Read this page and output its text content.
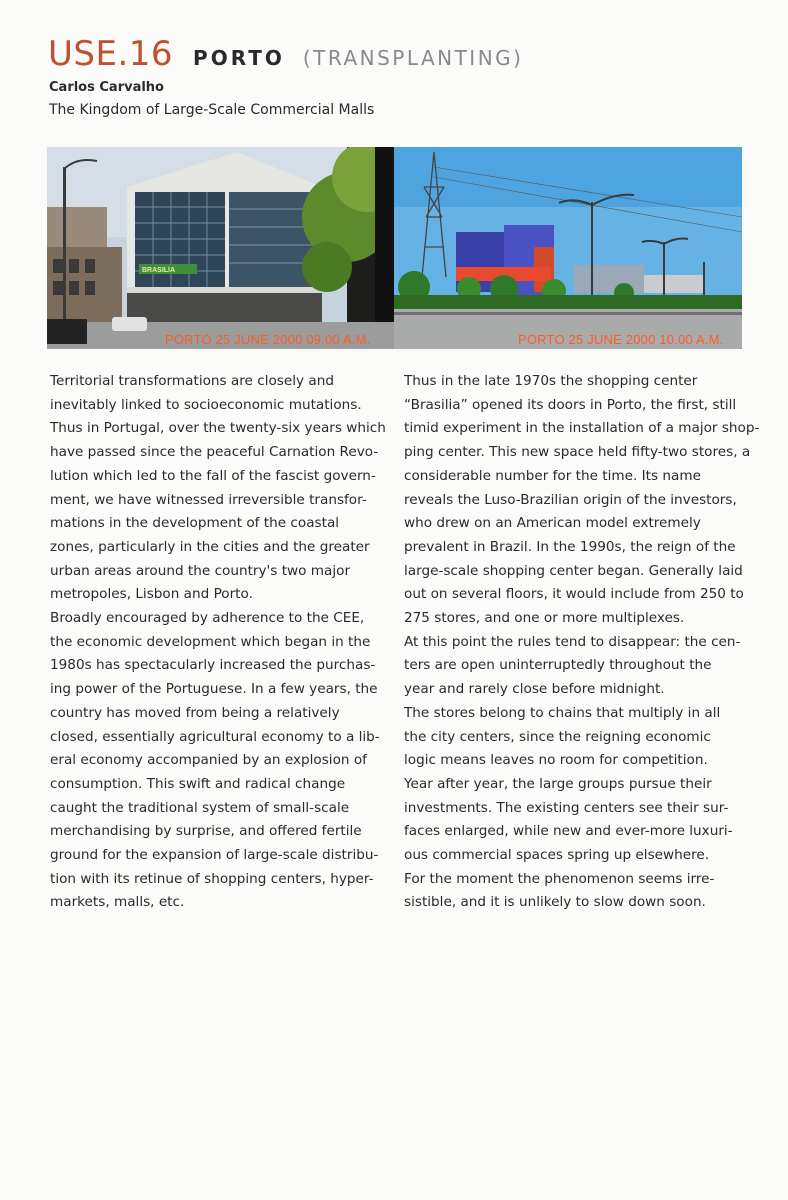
USE.16 PORTO (TRANSPLANTING)
Carlos Carvalho
The Kingdom of Large-Scale Commercial Malls
BRASILIA
PORTO 25 JUNE 2000 09.00 A.M.	PORTO 25 JUNE 2000 10.00 A.M.

Territorial transformations are closely and

inevitably linked to socioeconomic mutations.

Thus in Portugal, over the twenty-six years which

have passed since the peaceful Carnation Revo-

lution which led to the fall of the fascist govern-

ment, we have witnessed irreversible transfor-

mations in the development of the coastal

zones, particularly in the cities and the greater

urban areas around the country's two major

metropoles, Lisbon and Porto.

Broadly encouraged by adherence to the CEE,

the economic development which began in the

1980s has spectacularly increased the purchas-

ing power of the Portuguese. In a few years, the

country has moved from being a relatively

closed, essentially agricultural economy to a lib-

eral economy accompanied by an explosion of

consumption. This swift and radical change

caught the traditional system of small-scale

merchandising by surprise, and offered fertile

ground for the expansion of large-scale distribu-

tion with its retinue of shopping centers, hyper-

markets, malls, etc.

Thus in the late 1970s the shopping center

“Brasilia” opened its doors in Porto, the first, still

timid experiment in the installation of a major shop-

ping center. This new space held fifty-two stores, a

considerable number for the time. Its name

reveals the Luso-Brazilian origin of the investors,

who drew on an American model extremely

prevalent in Brazil. In the 1990s, the reign of the

large-scale shopping center began. Generally laid

out on several floors, it would include from 250 to

275 stores, and one or more multiplexes.

At this point the rules tend to disappear: the cen-

ters are open uninterruptedly throughout the

year and rarely close before midnight.

The stores belong to chains that multiply in all

the city centers, since the reigning economic

logic means leaves no room for competition.

Year after year, the large groups pursue their

investments. The existing centers see their sur-

faces enlarged, while new and ever-more luxuri-

ous commercial spaces spring up elsewhere.

For the moment the phenomenon seems irre-

sistible, and it is unlikely to slow down soon.
